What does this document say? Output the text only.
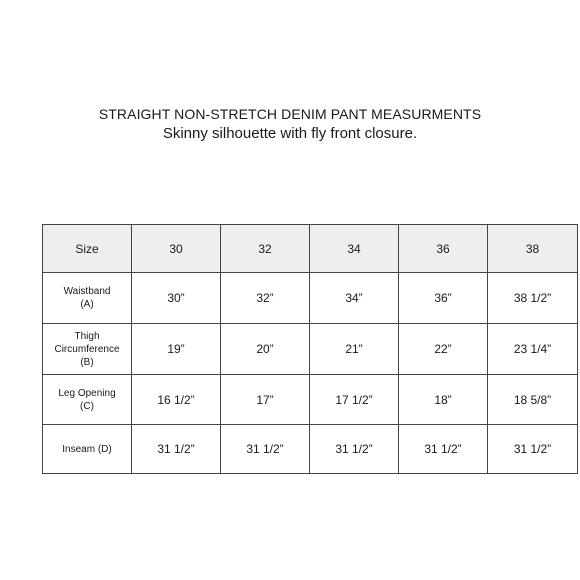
STRAIGHT NON-STRETCH DENIM PANT MEASURMENTS
Skinny silhouette with fly front closure.
Size	30	32	34	36	38

Waistband
(A)	30”	32”	34”	36”	38 1/2”

Thigh
Circumference
(B)	19”	20”	21”	22”	23 1/4”

Leg Opening
(C)	16 1/2”	17”	17 1/2”	18”	18 5/8”

Inseam (D)	31 1/2”	31 1/2”	31 1/2”	31 1/2”	31 1/2”
